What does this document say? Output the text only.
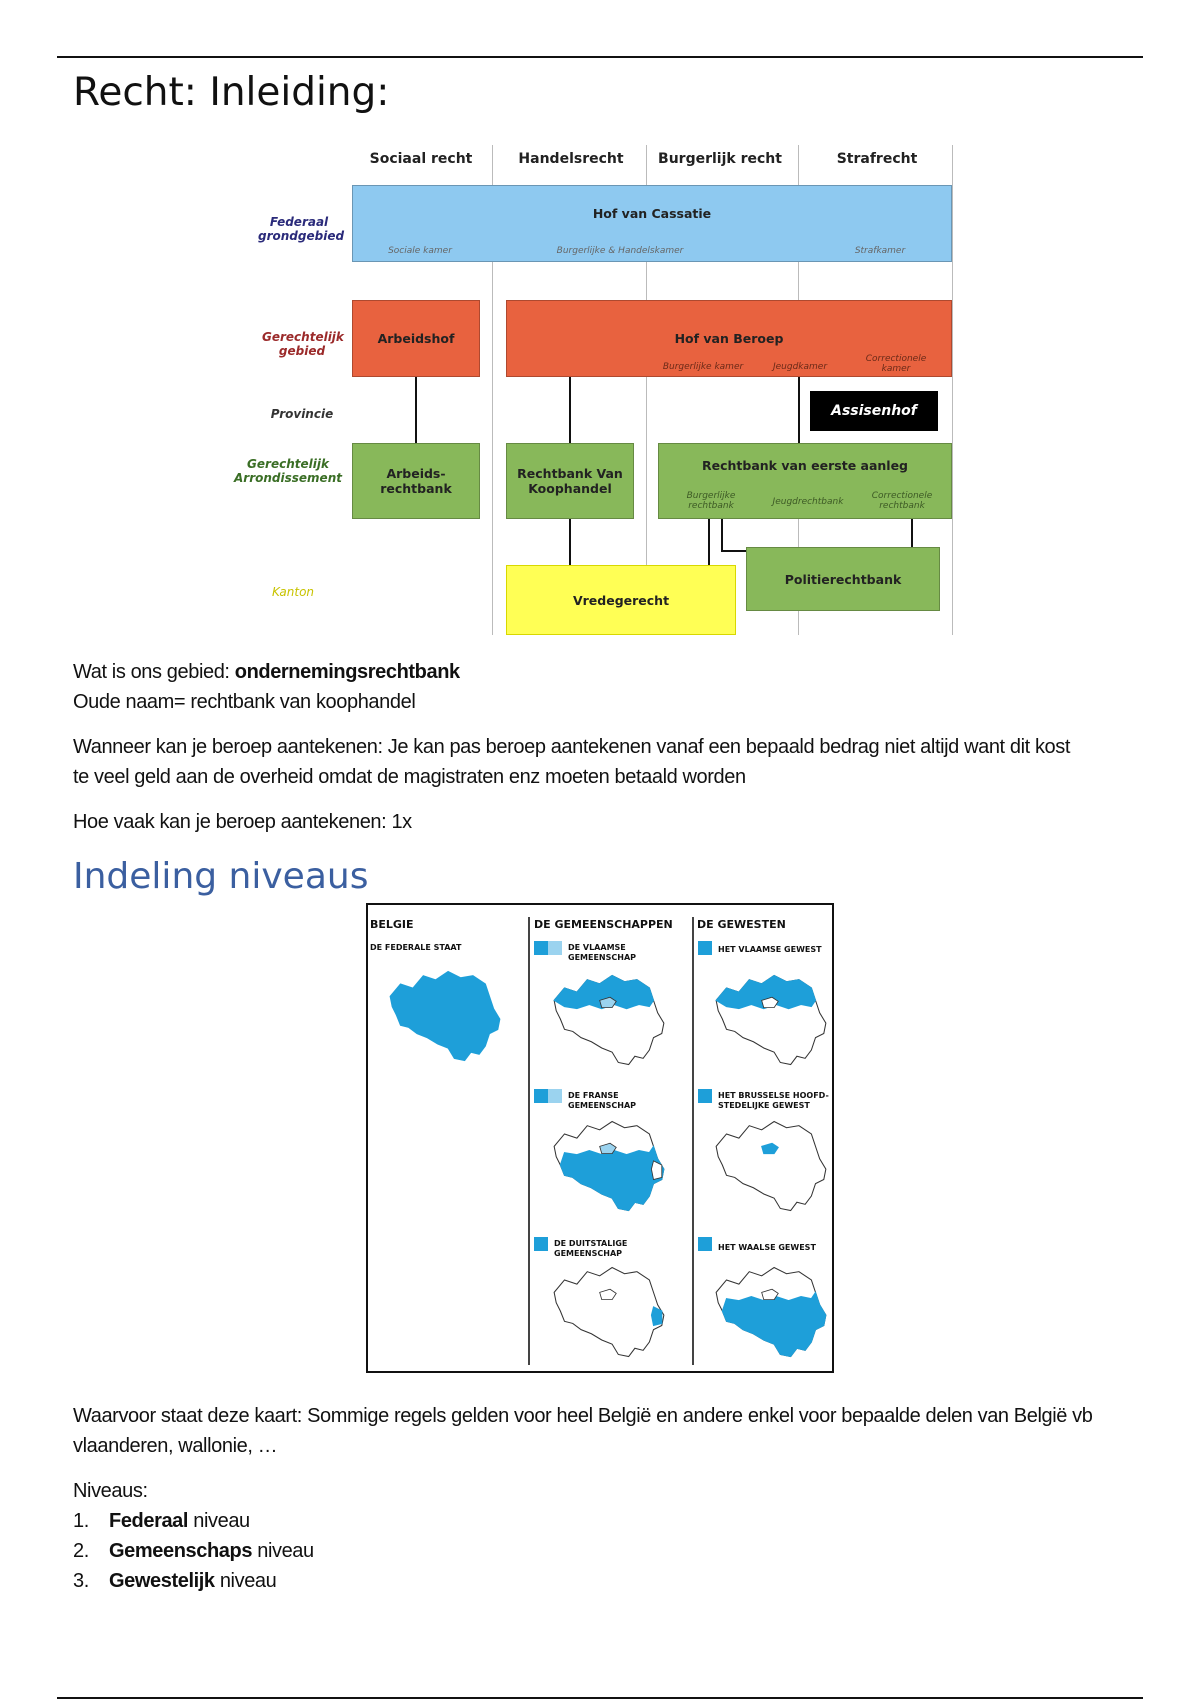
Recht: Inleiding:
Sociaal recht	Handelsrecht	Burgerlijk recht	Strafrecht
Federaal grondgebied
Gerechtelijk gebied
Provincie
Gerechtelijk Arrondissement
Kanton
Hof van Cassatie
Sociale kamer	Burgerlijke & Handelskamer	Strafkamer
Arbeidshof	Hof van Beroep
Burgerlijke kamer	Jeugdkamer
Correctionele kamer
Assisenhof
Arbeids- rechtbank
Rechtbank Van Koophandel
Rechtbank van eerste aanleg
Burgerlijke rechtbank	Jeugdrechtbank
Correctionele rechtbank
Politierechtbank
Vredegerecht
Wat is ons gebied: ondernemingsrechtbank
Oude naam= rechtbank van koophandel
Wanneer kan je beroep aantekenen: Je kan pas beroep aantekenen vanaf een bepaald bedrag niet altijd want dit kost
te veel geld aan de overheid omdat de magistraten enz moeten betaald worden
Hoe vaak kan je beroep aantekenen: 1x
Indeling niveaus
BELGIE	DE GEMEENSCHAPPEN DE GEWESTEN
DE FEDERALE STAAT	DE VLAAMSE
GEMEENSCHAP
HET VLAAMSE GEWEST
DE FRANSE
GEMEENSCHAP
HET BRUSSELSE HOOFD-
STEDELIJKE GEWEST
DE DUITSTALIGE
GEMEENSCHAP
HET WAALSE GEWEST
Waarvoor staat deze kaart: Sommige regels gelden voor heel België en andere enkel voor bepaalde delen van België vb
vlaanderen, wallonie, …
Niveaus:
1. Federaal niveau
2. Gemeenschaps niveau
3. Gewestelijk niveau
